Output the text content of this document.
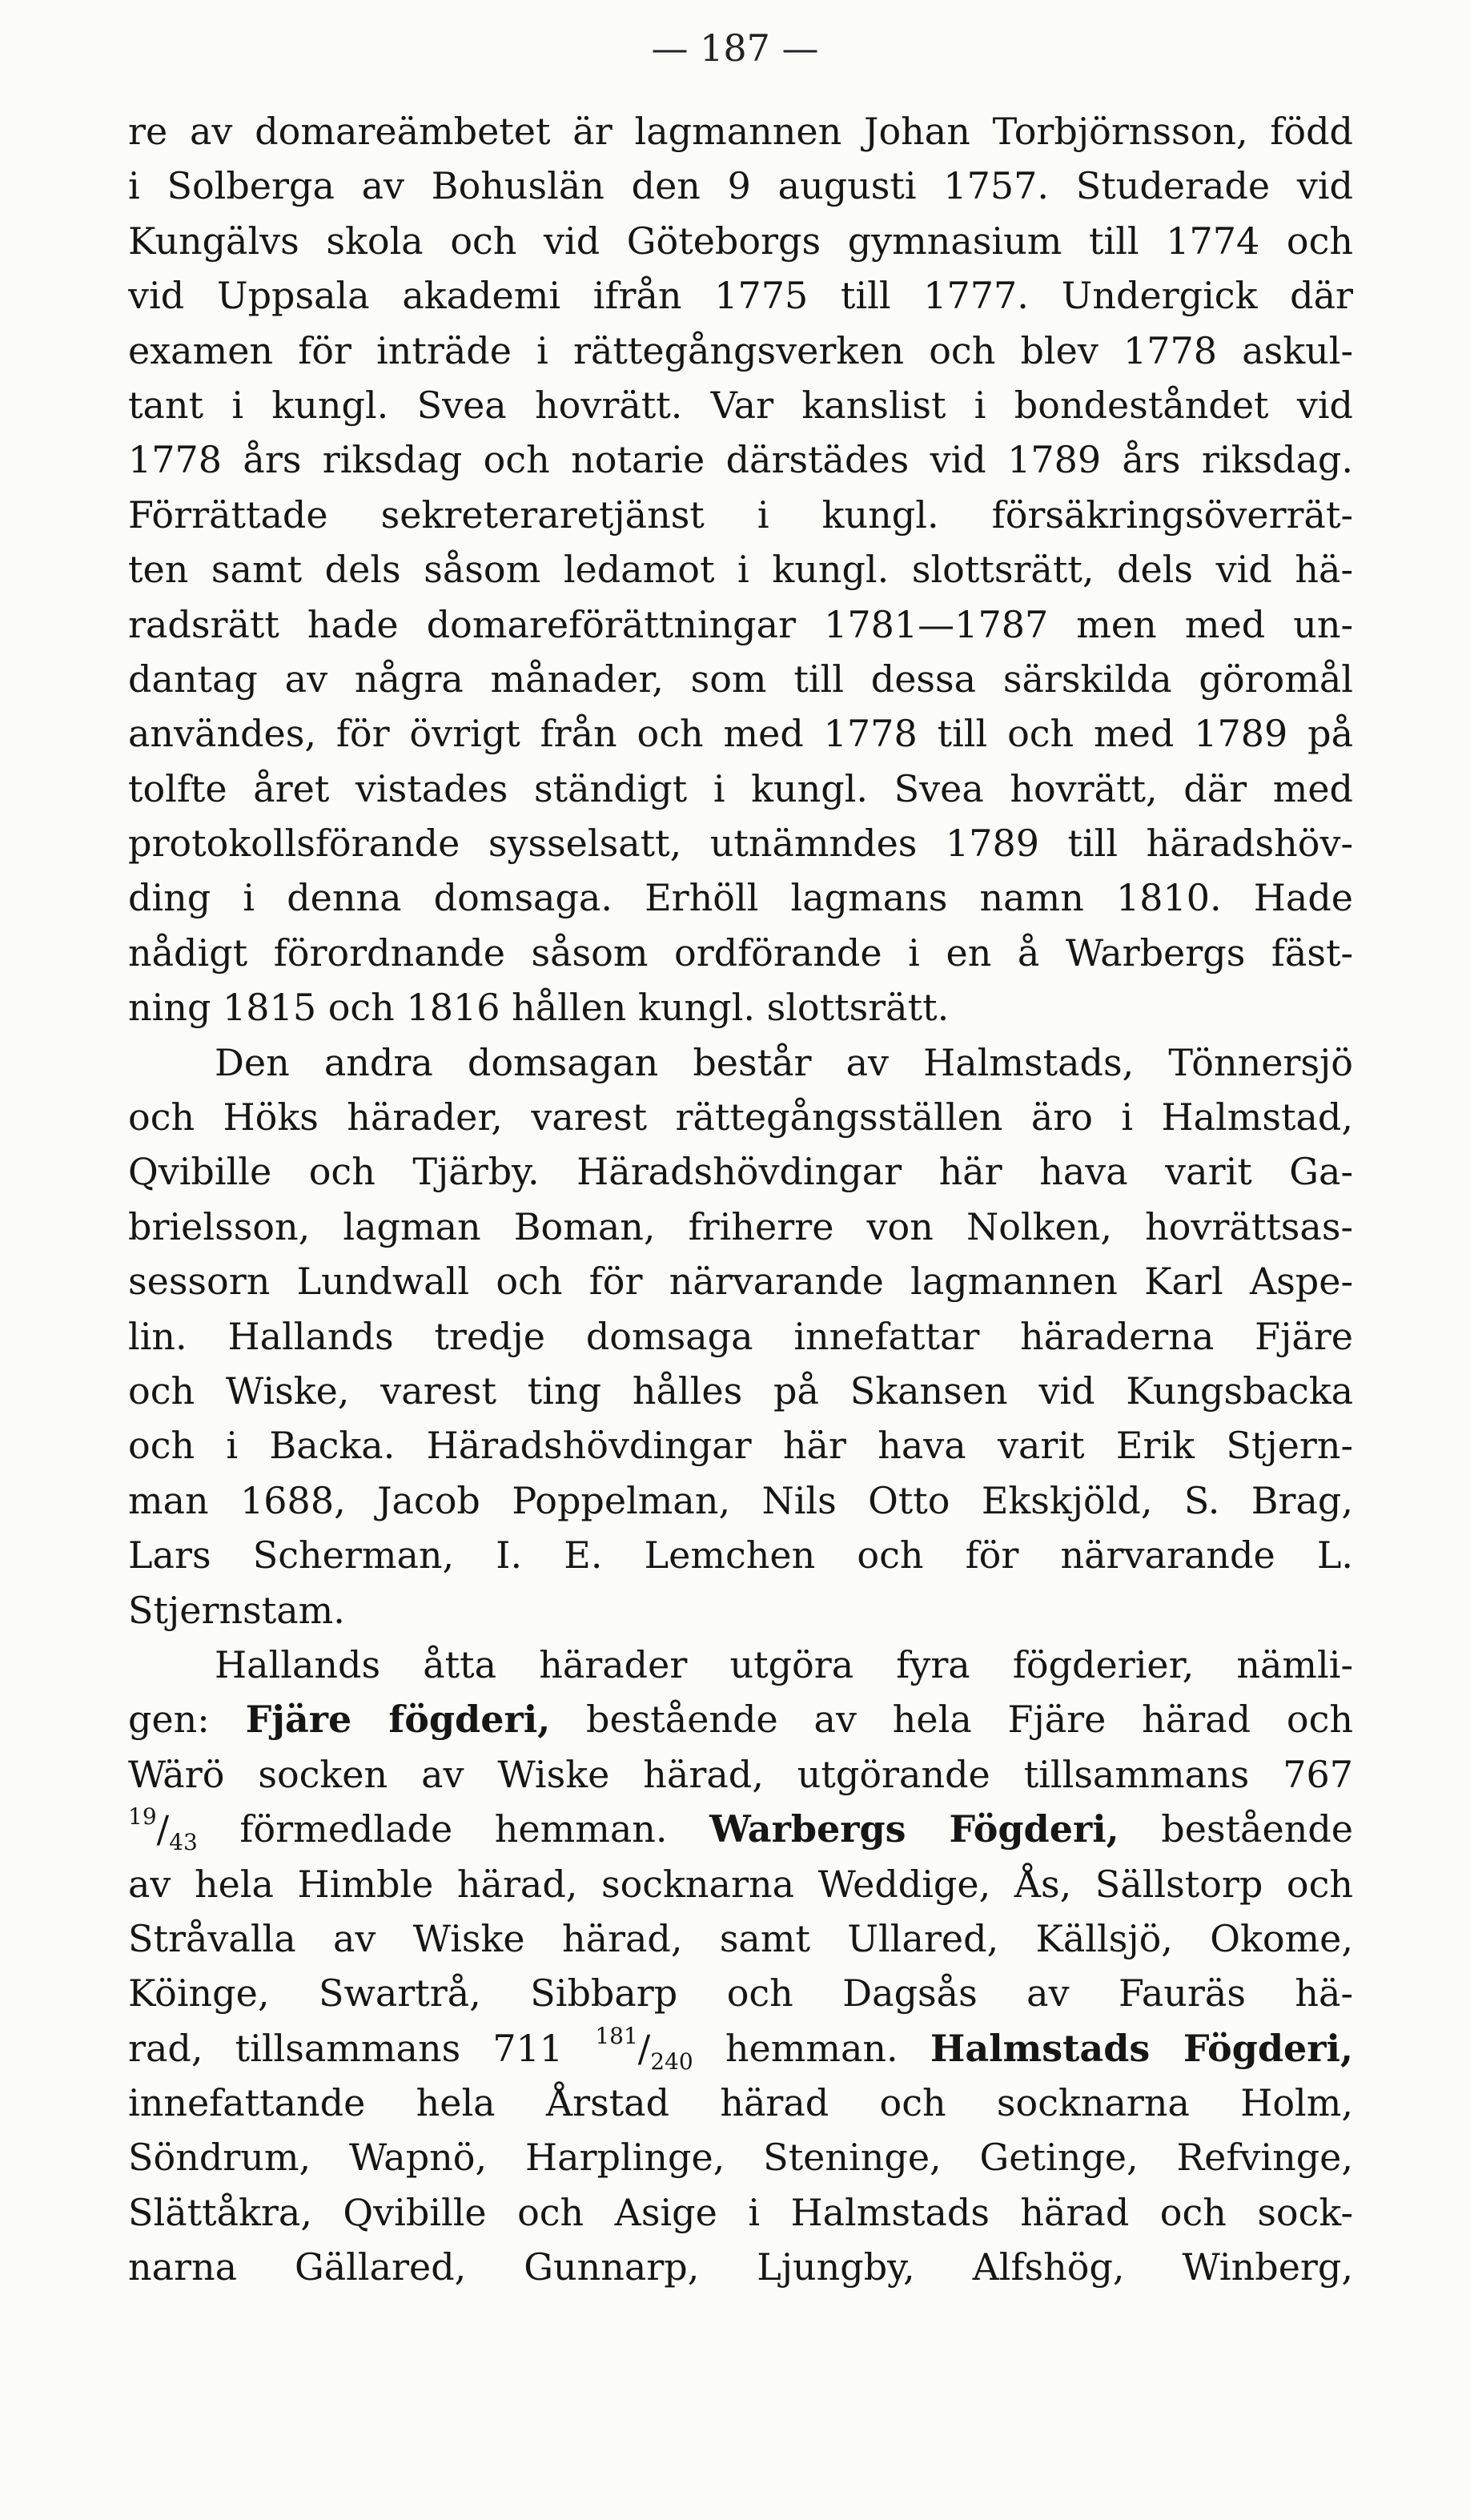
— 187 —
re av domareämbetet är lagmannen Johan Torbjörnsson, född
i Solberga av Bohuslän den 9 augusti 1757. Studerade vid
Kungälvs skola och vid Göteborgs gymnasium till 1774 och
vid Uppsala akademi ifrån 1775 till 1777. Undergick där
examen för inträde i rättegångsverken och blev 1778 askul-
tant i kungl. Svea hovrätt. Var kanslist i bondeståndet vid
1778 års riksdag och notarie därstädes vid 1789 års riksdag.
Förrättade sekreteraretjänst i kungl. försäkringsöverrät-
ten samt dels såsom ledamot i kungl. slottsrätt, dels vid hä-
radsrätt hade domareförättningar 1781—1787 men med un-
dantag av några månader, som till dessa särskilda göromål
användes, för övrigt från och med 1778 till och med 1789 på
tolfte året vistades ständigt i kungl. Svea hovrätt, där med
protokollsförande sysselsatt, utnämndes 1789 till häradshöv-
ding i denna domsaga. Erhöll lagmans namn 1810. Hade
nådigt förordnande såsom ordförande i en å Warbergs fäst-
ning 1815 och 1816 hållen kungl. slottsrätt.
Den andra domsagan består av Halmstads, Tönnersjö
och Höks härader, varest rättegångsställen äro i Halmstad,
Qvibille och Tjärby. Häradshövdingar här hava varit Ga-
brielsson, lagman Boman, friherre von Nolken, hovrättsas-
sessorn Lundwall och för närvarande lagmannen Karl Aspe-
lin. Hallands tredje domsaga innefattar häraderna Fjäre
och Wiske, varest ting hålles på Skansen vid Kungsbacka
och i Backa. Häradshövdingar här hava varit Erik Stjern-
man 1688, Jacob Poppelman, Nils Otto Ekskjöld, S. Brag,
Lars Scherman, I. E. Lemchen och för närvarande L.
Stjernstam.
Hallands åtta härader utgöra fyra fögderier, nämli-
gen: Fjäre fögderi, bestående av hela Fjäre härad och
Wärö socken av Wiske härad, utgörande tillsammans 767
$^{19}/_{43}$ förmedlade hemman. Warbergs Fögderi, bestående
av hela Himble härad, socknarna Weddige, Ås, Sällstorp och
Stråvalla av Wiske härad, samt Ullared, Källsjö, Okome,
Köinge, Swartrå, Sibbarp och Dagsås av Fauräs hä-
rad, tillsammans 711 $^{181}/_{240}$ hemman. Halmstads Fögderi,
innefattande hela Årstad härad och socknarna Holm,
Söndrum, Wapnö, Harplinge, Steninge, Getinge, Refvinge,
Slättåkra, Qvibille och Asige i Halmstads härad och sock-
narna Gällared, Gunnarp, Ljungby, Alfshög, Winberg,
